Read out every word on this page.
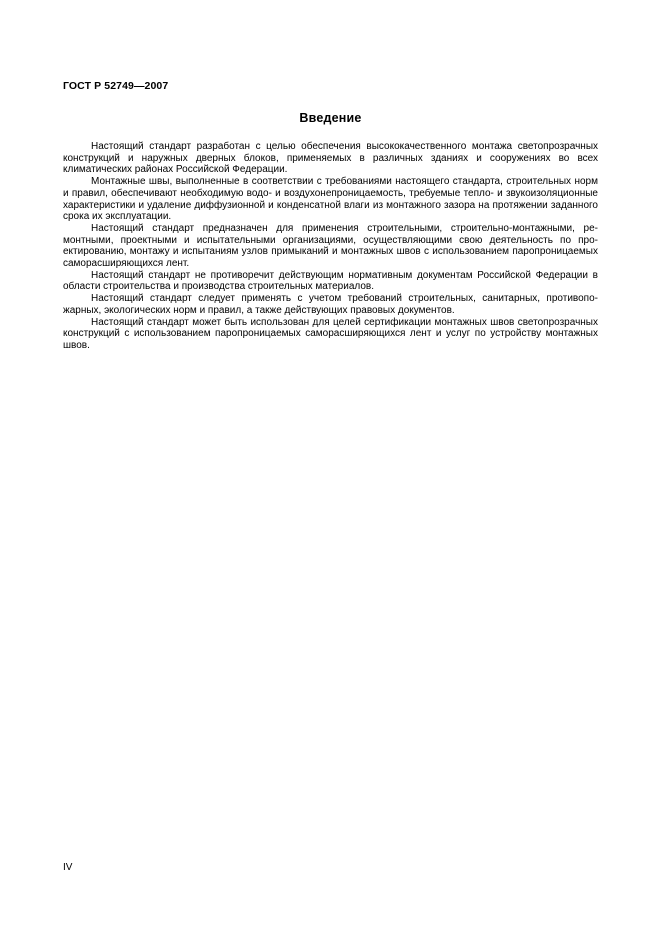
ГОСТ Р 52749—2007
Введение

Настоящий стандарт разработан с целью обеспечения высококачественного монтажа светопрозрачных конструкций и наружных дверных блоков, применяемых в различных зданиях и сооружениях во всех климатических районах Российской Федерации.

Монтажные швы, выполненные в соответствии с требованиями настоящего стандарта, строительных норм и правил, обеспечивают необходимую водо- и воздухонепроницаемость, требуемые тепло- и звукоизоляционные характеристики и удаление диффузионной и конденсатной влаги из монтажного зазора на протяжении заданного срока их эксплуатации.

Настоящий стандарт предназначен для применения строительными, строительно-монтажными, ремонтными, проектными и испытательными организациями, осуществляющими свою деятельность по проектированию, монтажу и испытаниям узлов примыканий и монтажных швов с использованием паропроницаемых саморасширяющихся лент.

Настоящий стандарт не противоречит действующим нормативным документам Российской Федерации в области строительства и производства строительных материалов.

Настоящий стандарт следует применять с учетом требований строительных, санитарных, противопожарных, экологических норм и правил, а также действующих правовых документов.

Настоящий стандарт может быть использован для целей сертификации монтажных швов светопрозрачных конструкций с использованием паропроницаемых саморасширяющихся лент и услуг по устройству монтажных швов.

IV
